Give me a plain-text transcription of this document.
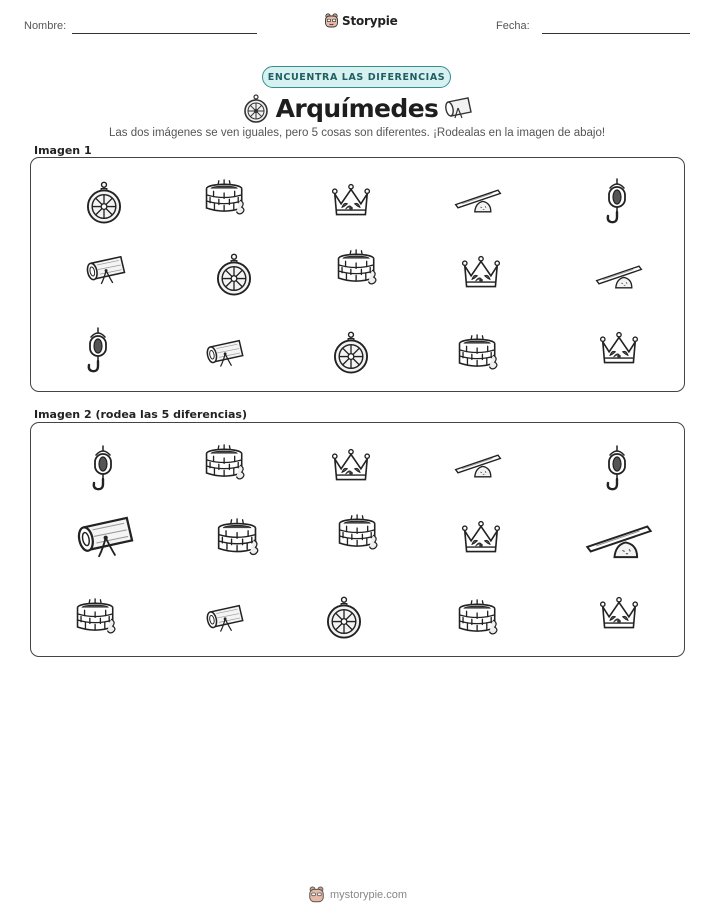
Nombre:	Storypie	Fecha:
ENCUENTRA LAS DIFERENCIAS
Arquímedes
Las dos imágenes se ven iguales, pero 5 cosas son diferentes. ¡Rodealas en la imagen de abajo!
Imagen 1
Imagen 2 (rodea las 5 diferencias)
mystorypie.com
